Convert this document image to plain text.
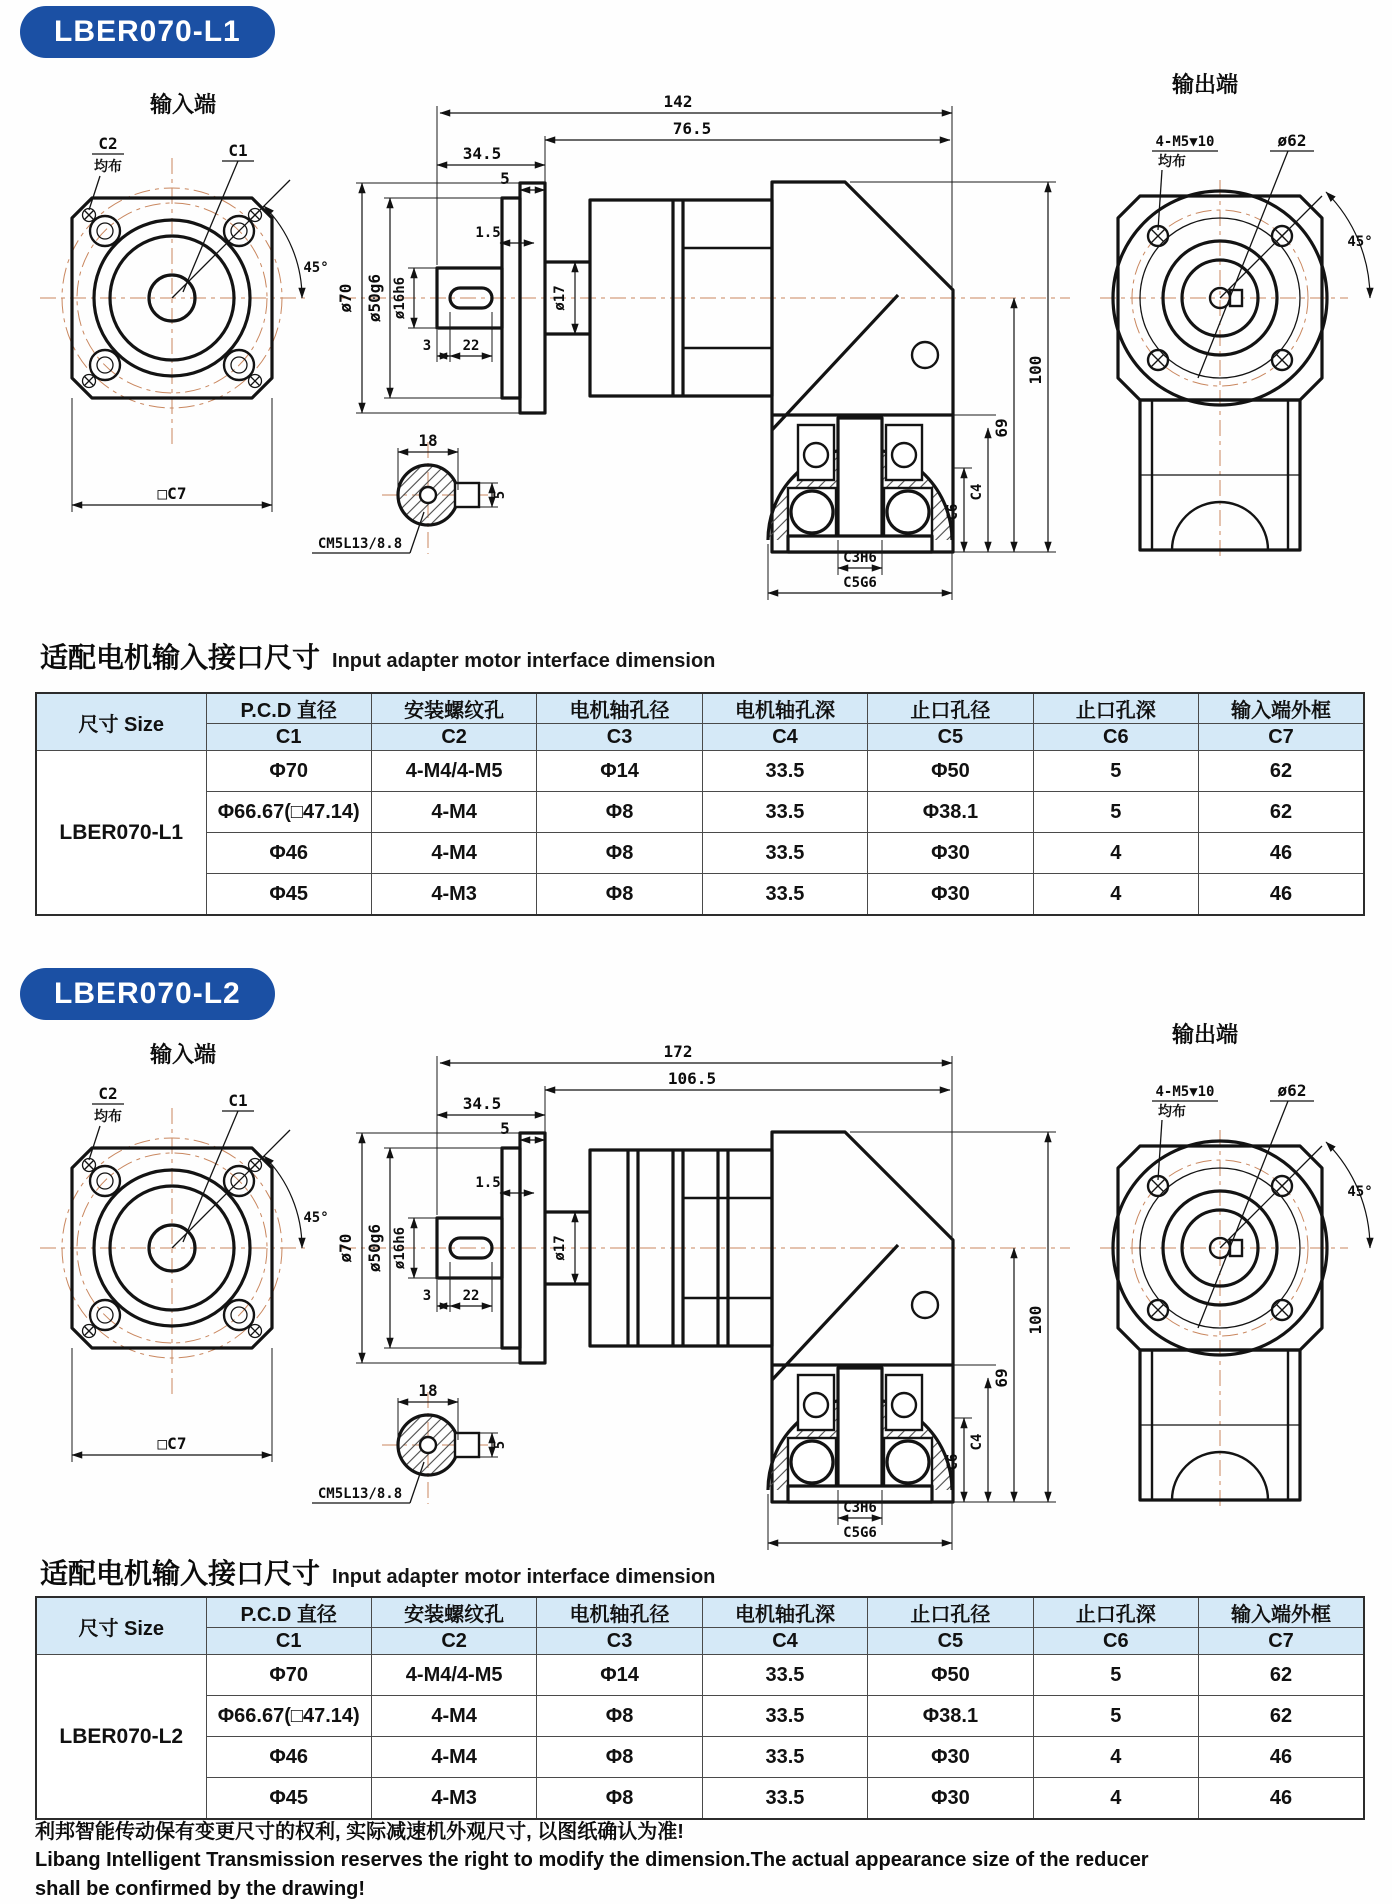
LBER070-L1
输入端
45°
C1
C2
均布
□C7
142
76.5
34.5
5
1.5
ø70 ø50g6 ø16h6	ø17
3 22
C3H6
C5G6
C6
C4
69
100
18
5
CM5L13/8.8
输出端
4-M5▼10
均布
ø62
45°
适配电机输入接口尺寸 Input adapter motor interface dimension
尺寸 Size	P.C.D 直径	安装螺纹孔	电机轴孔径	电机轴孔深	止口孔径	止口孔深	输入端外框
	C1	C2	C3	C4	C5	C6	C7
LBER070-L1	Φ70	4-M4/4-M5	Φ14	33.5	Φ50	5	62
	Φ66.67(□47.14)	4-M4	Φ8	33.5	Φ38.1	5	62
	Φ46	4-M4	Φ8	33.5	Φ30	4	46
	Φ45	4-M3	Φ8	33.5	Φ30	4	46
LBER070-L2
输入端
45°
C1
C2
均布
□C7
172
106.5
34.5
5
1.5
ø70 ø50g6 ø16h6	ø17
3 22
C3H6
C5G6
C6
C4
69
100
18
5
CM5L13/8.8
输出端
4-M5▼10
均布
ø62
45°
适配电机输入接口尺寸 Input adapter motor interface dimension
尺寸 Size	P.C.D 直径	安装螺纹孔	电机轴孔径	电机轴孔深	止口孔径	止口孔深	输入端外框
	C1	C2	C3	C4	C5	C6	C7
LBER070-L2	Φ70	4-M4/4-M5	Φ14	33.5	Φ50	5	62
	Φ66.67(□47.14)	4-M4	Φ8	33.5	Φ38.1	5	62
	Φ46	4-M4	Φ8	33.5	Φ30	4	46
	Φ45	4-M3	Φ8	33.5	Φ30	4	46
利邦智能传动保有变更尺寸的权利, 实际减速机外观尺寸, 以图纸确认为准!
Libang Intelligent Transmission reserves the right to modify the dimension.The actual appearance size of the reducer
shall be confirmed by the drawing!
